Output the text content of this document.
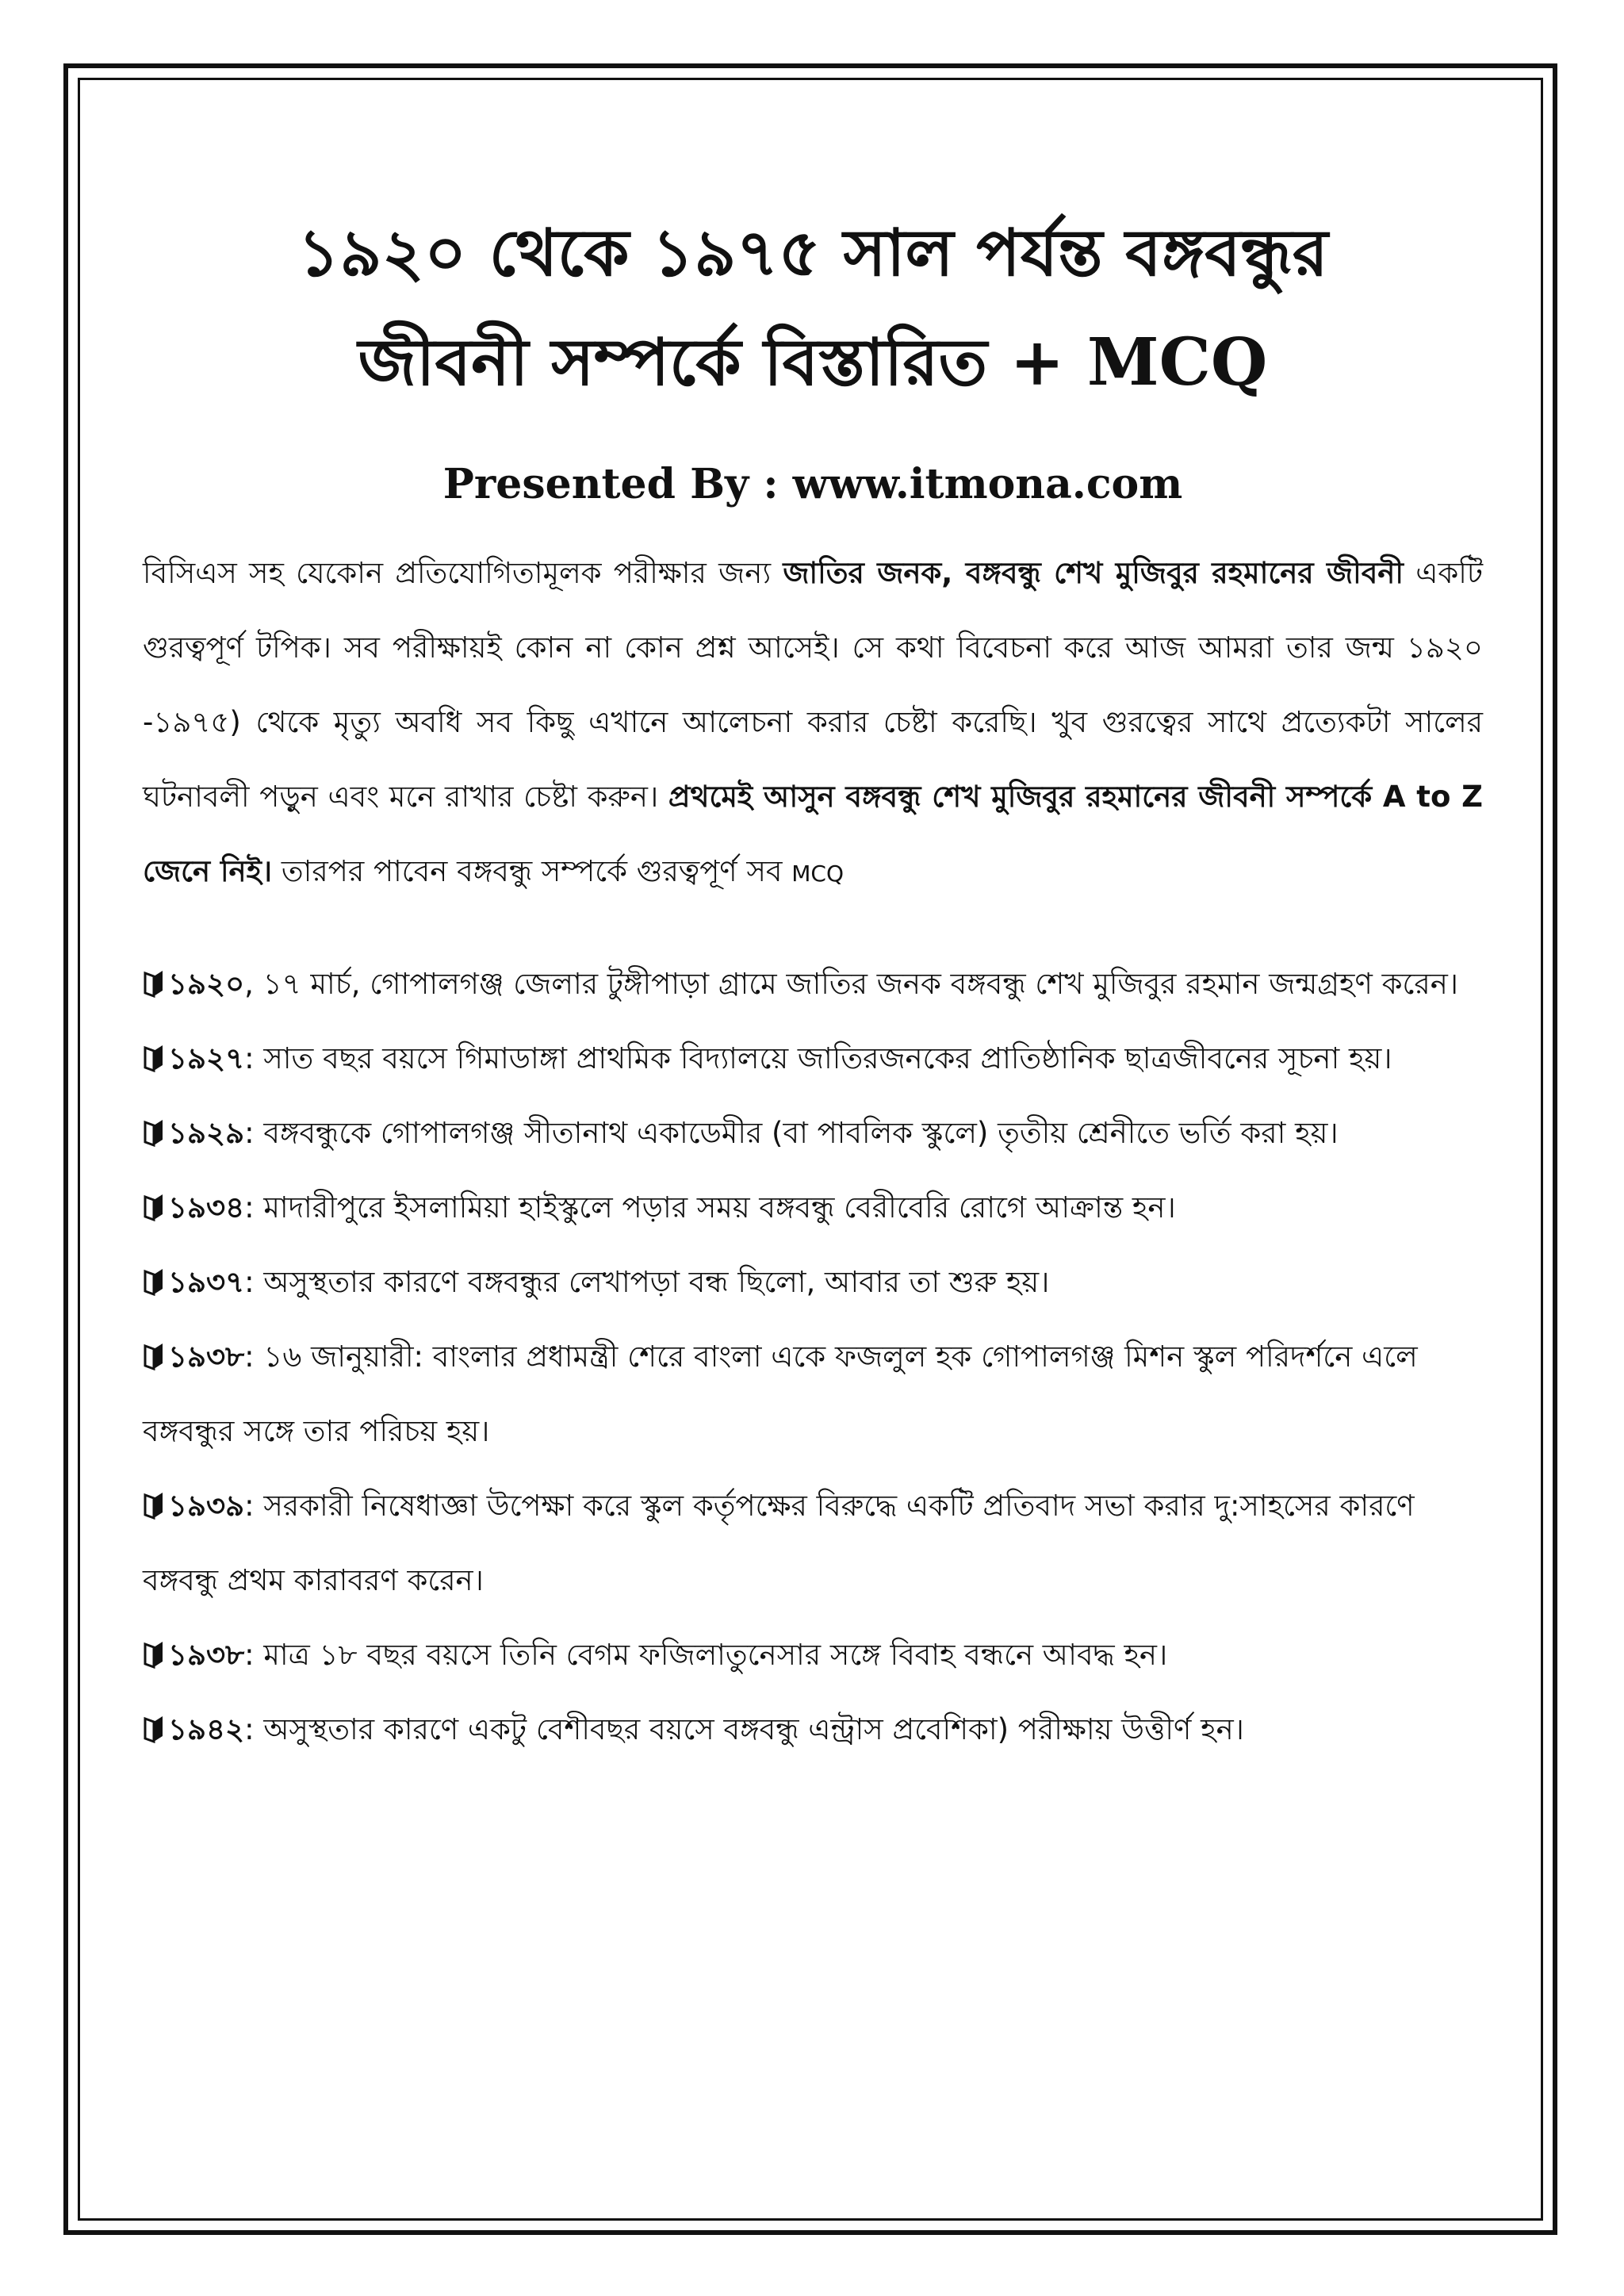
১৯২০ থেকে ১৯৭৫ সাল পর্যন্ত বঙ্গবন্ধুর
জীবনী সম্পর্কে বিস্তারিত + MCQ
Presented By : www.itmona.com

বিসিএস সহ যেকোন প্রতিযোগিতামূলক পরীক্ষার জন্য জাতির জনক, বঙ্গবন্ধু শেখ মুজিবুর রহমানের জীবনী একটি গুরত্বপূর্ণ টপিক। সব পরীক্ষায়ই কোন না কোন প্রশ্ন আসেই। সে কথা বিবেচনা করে আজ আমরা তার জন্ম ১৯২০ -১৯৭৫) থেকে মৃত্যু অবধি সব কিছু এখানে আলেচনা করার চেষ্টা করেছি। খুব গুরত্বের সাথে প্রত্যেকটা সালের ঘটনাবলী পড়ুন এবং মনে রাখার চেষ্টা করুন। প্রথমেই আসুন বঙ্গবন্ধু শেখ মুজিবুর রহমানের জীবনী সম্পর্কে A to Z জেনে নিই। তারপর পাবেন বঙ্গবন্ধু সম্পর্কে গুরত্বপূর্ণ সব MCQ

১৯২০, ১৭ মার্চ, গোপালগঞ্জ জেলার টুঙ্গীপাড়া গ্রামে জাতির জনক বঙ্গবন্ধু শেখ মুজিবুর রহমান জন্মগ্রহণ করেন।
১৯২৭: সাত বছর বয়সে গিমাডাঙ্গা প্রাথমিক বিদ্যালয়ে জাতিরজনকের প্রাতিষ্ঠানিক ছাত্রজীবনের সূচনা হয়।
১৯২৯: বঙ্গবন্ধুকে গোপালগঞ্জ সীতানাথ একাডেমীর (বা পাবলিক স্কুলে) তৃতীয় শ্রেনীতে ভর্তি করা হয়।
১৯৩৪: মাদারীপুরে ইসলামিয়া হাইস্কুলে পড়ার সময় বঙ্গবন্ধু বেরীবেরি রোগে আক্রান্ত হন।
১৯৩৭: অসুস্থতার কারণে বঙ্গবন্ধুর লেখাপড়া বন্ধ ছিলো, আবার তা শুরু হয়।
১৯৩৮: ১৬ জানুয়ারী: বাংলার প্রধামন্ত্রী শেরে বাংলা একে ফজলুল হক গোপালগঞ্জ মিশন স্কুল পরিদর্শনে এলে বঙ্গবন্ধুর সঙ্গে তার পরিচয় হয়।
১৯৩৯: সরকারী নিষেধাজ্ঞা উপেক্ষা করে স্কুল কর্তৃপক্ষের বিরুদ্ধে একটি প্রতিবাদ সভা করার দু:সাহসের কারণে বঙ্গবন্ধু প্রথম কারাবরণ করেন।
১৯৩৮: মাত্র ১৮ বছর বয়সে তিনি বেগম ফজিলাতুনেসার সঙ্গে বিবাহ বন্ধনে আবদ্ধ হন।
১৯৪২: অসুস্থতার কারণে একটু বেশীবছর বয়সে বঙ্গবন্ধু এন্ট্রাস প্রবেশিকা) পরীক্ষায় উত্তীর্ণ হন।
